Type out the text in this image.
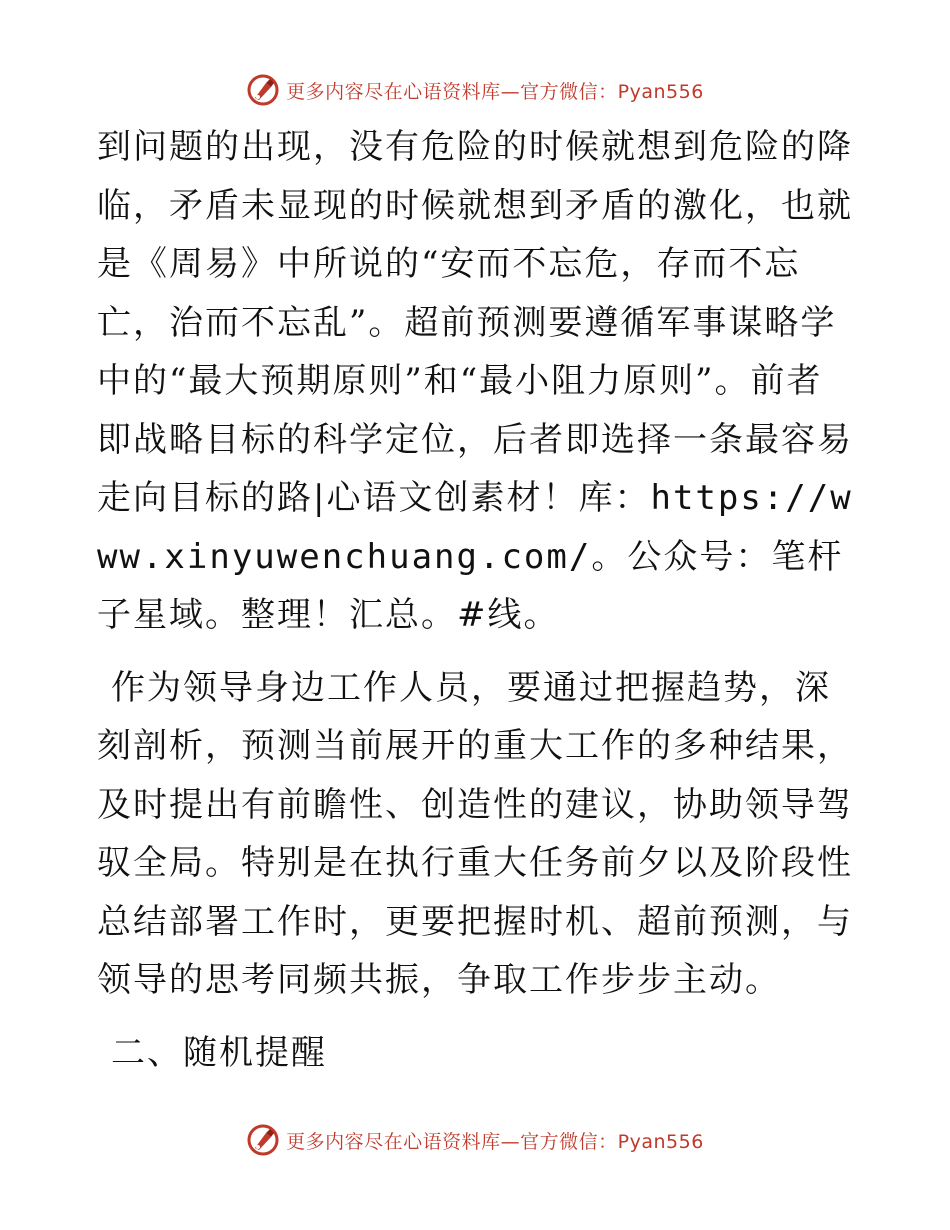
更多内容尽在心语资料库—官方微信：Pyan556

到问题的出现，没有危险的时候就想到危险的降临，矛盾未显现的时候就想到矛盾的激化，也就是《周易》中所说的“安而不忘危，存而不忘亡，治而不忘乱”。超前预测要遵循军事谋略学中的“最大预期原则”和“最小阻力原则”。前者即战略目标的科学定位，后者即选择一条最容易走向目标的路|心语文创素材！库：https://www.xinyuwenchuang.com/。公众号：笔杆子星域。整理！汇总。#线。

作为领导身边工作人员，要通过把握趋势，深刻剖析，预测当前展开的重大工作的多种结果，及时提出有前瞻性、创造性的建议，协助领导驾驭全局。特别是在执行重大任务前夕以及阶段性总结部署工作时，更要把握时机、超前预测，与领导的思考同频共振，争取工作步步主动。

二、随机提醒

更多内容尽在心语资料库—官方微信：Pyan556
